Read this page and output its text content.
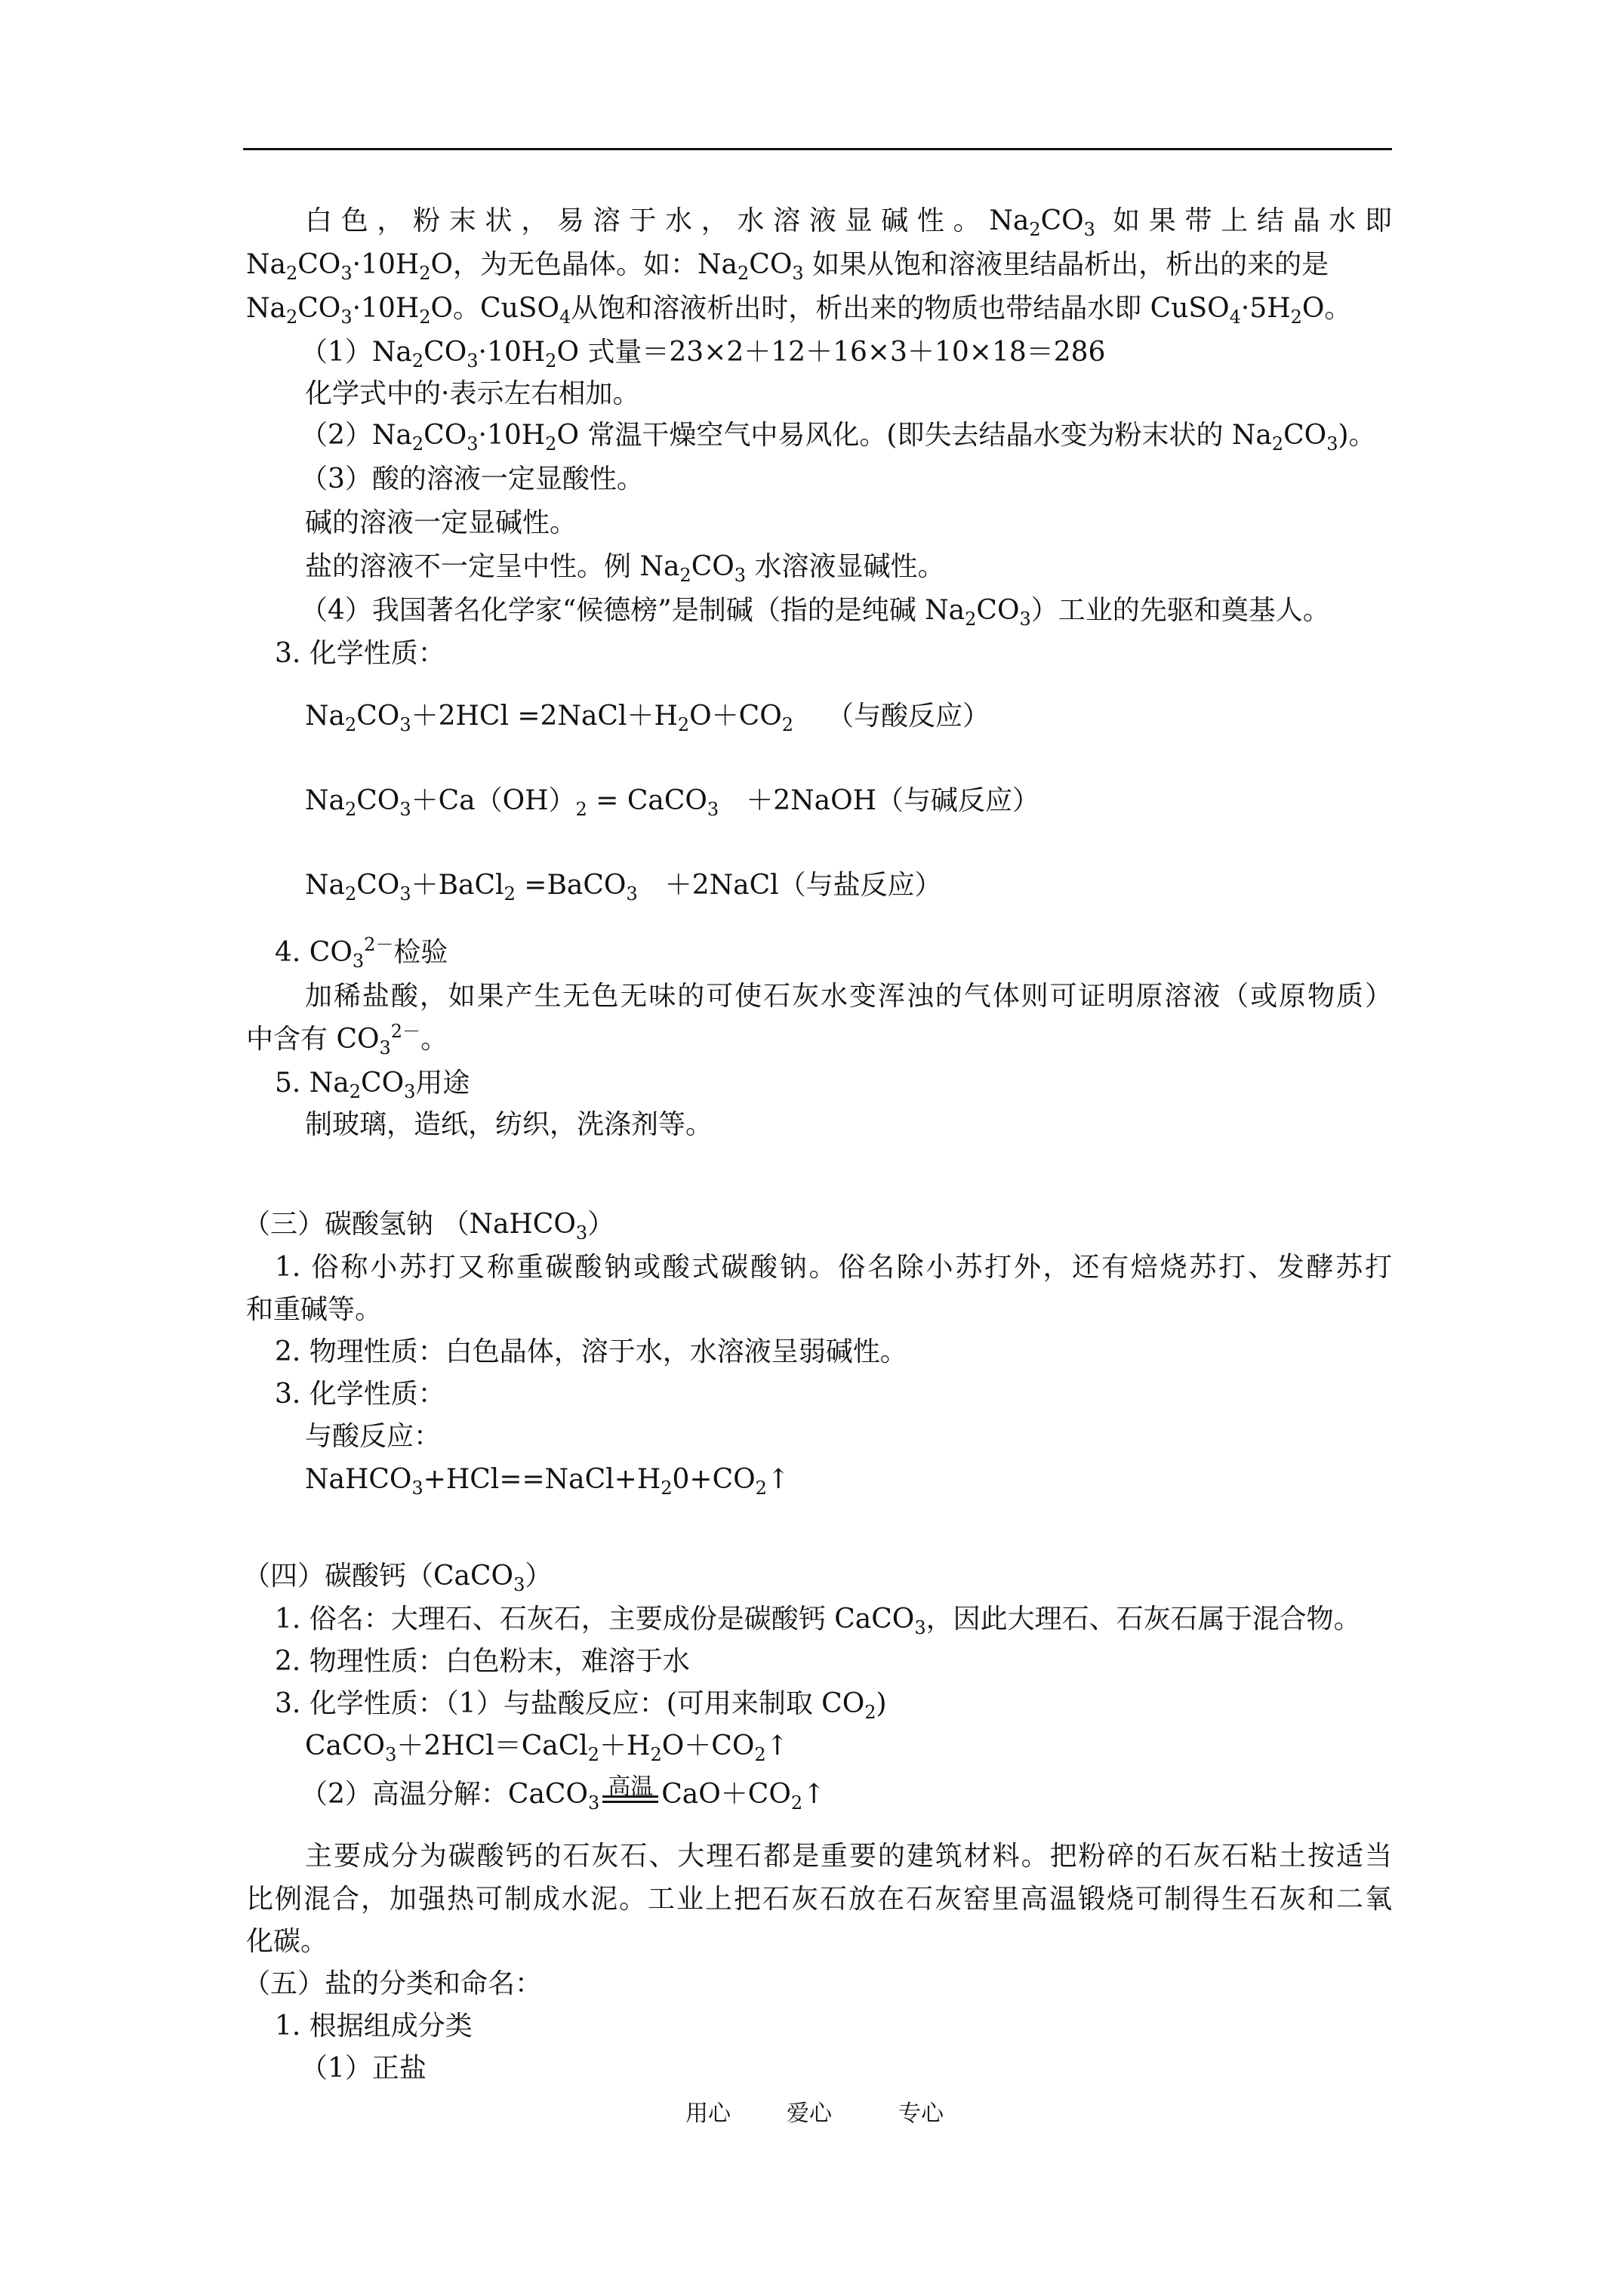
白色，粉末状，易溶于水，水溶液显碱性。$Na_2CO_3$ 如果带上结晶水即
$Na_2CO_3\cdot 10H_2O$，为无色晶体。如：$Na_2CO_3$ 如果从饱和溶液里结晶析出，析出的来的是
$Na_2CO_3\cdot 10H_2O$。CuSO$_4$从饱和溶液析出时，析出来的物质也带结晶水即 $CuSO_4\cdot 5H_2O$。
$(1)Na_2CO_3\cdot 10H_2O$ 式量＝23×2＋12＋16×3＋10×18＝286
化学式中的·表示左右相加。
$(2)Na_2CO_3\cdot 10H_2O$ 常温干燥空气中易风化。(即失去结晶水变为粉末状的 $Na_2CO_3$)。
（3）酸的溶液一定显酸性。
碱的溶液一定显碱性。
盐的溶液不一定呈中性。例 $Na_2CO_3$ 水溶液显碱性。
（4）我国著名化学家“候德榜”是制碱（指的是纯碱 $Na_2CO_3$）工业的先驱和奠基人。
3. 化学性质：
$Na_2CO_3+2HCl$ $=2NaCl+H_2O+CO_2$ （与酸反应）
$Na_2CO_3+Ca(OH)_2$ = CaCO$_3$ ＋2NaOH（与碱反应）
$Na_2CO_3+BaCl_2$ =BaCO$_3$ ＋2NaCl（与盐反应）
4. $CO_3^{2-}$检验
加稀盐酸，如果产生无色无味的可使石灰水变浑浊的气体则可证明原溶液（或原物质）
中含有 $CO_3^{2-}$。
5. $Na_2CO_3$用途
制玻璃，造纸，纺织，洗涤剂等。
（三）碳酸氢钠 （NaHCO$_3$）
1. 俗称小苏打又称重碳酸钠或酸式碳酸钠。俗名除小苏打外，还有焙烧苏打、发酵苏打
和重碱等。
2. 物理性质：白色晶体，溶于水，水溶液呈弱碱性。
3. 化学性质：
与酸反应：
$NaHCO_3+HCl==NaCl+H_20+CO_2↑$
（四）碳酸钙（CaCO$_3$）
1. 俗名：大理石、石灰石，主要成份是碳酸钙 CaCO$_3$，因此大理石、石灰石属于混合物。
2. 物理性质：白色粉末，难溶于水
3. 化学性质：（1）与盐酸反应：(可用来制取 $CO_2$)
$CaCO_3+2HCl=CaCl_2+H_2O+CO_2↑$
（2）高温分解：CaCO$_3$
高温 $CaO+CO_2↑$
主要成分为碳酸钙的石灰石、大理石都是重要的建筑材料。把粉碎的石灰石粘土按适当
比例混合，加强热可制成水泥。工业上把石灰石放在石灰窑里高温锻烧可制得生石灰和二氧
化碳。
（五）盐的分类和命名：
1. 根据组成分类
（1）正盐
用心 爱心	专心
